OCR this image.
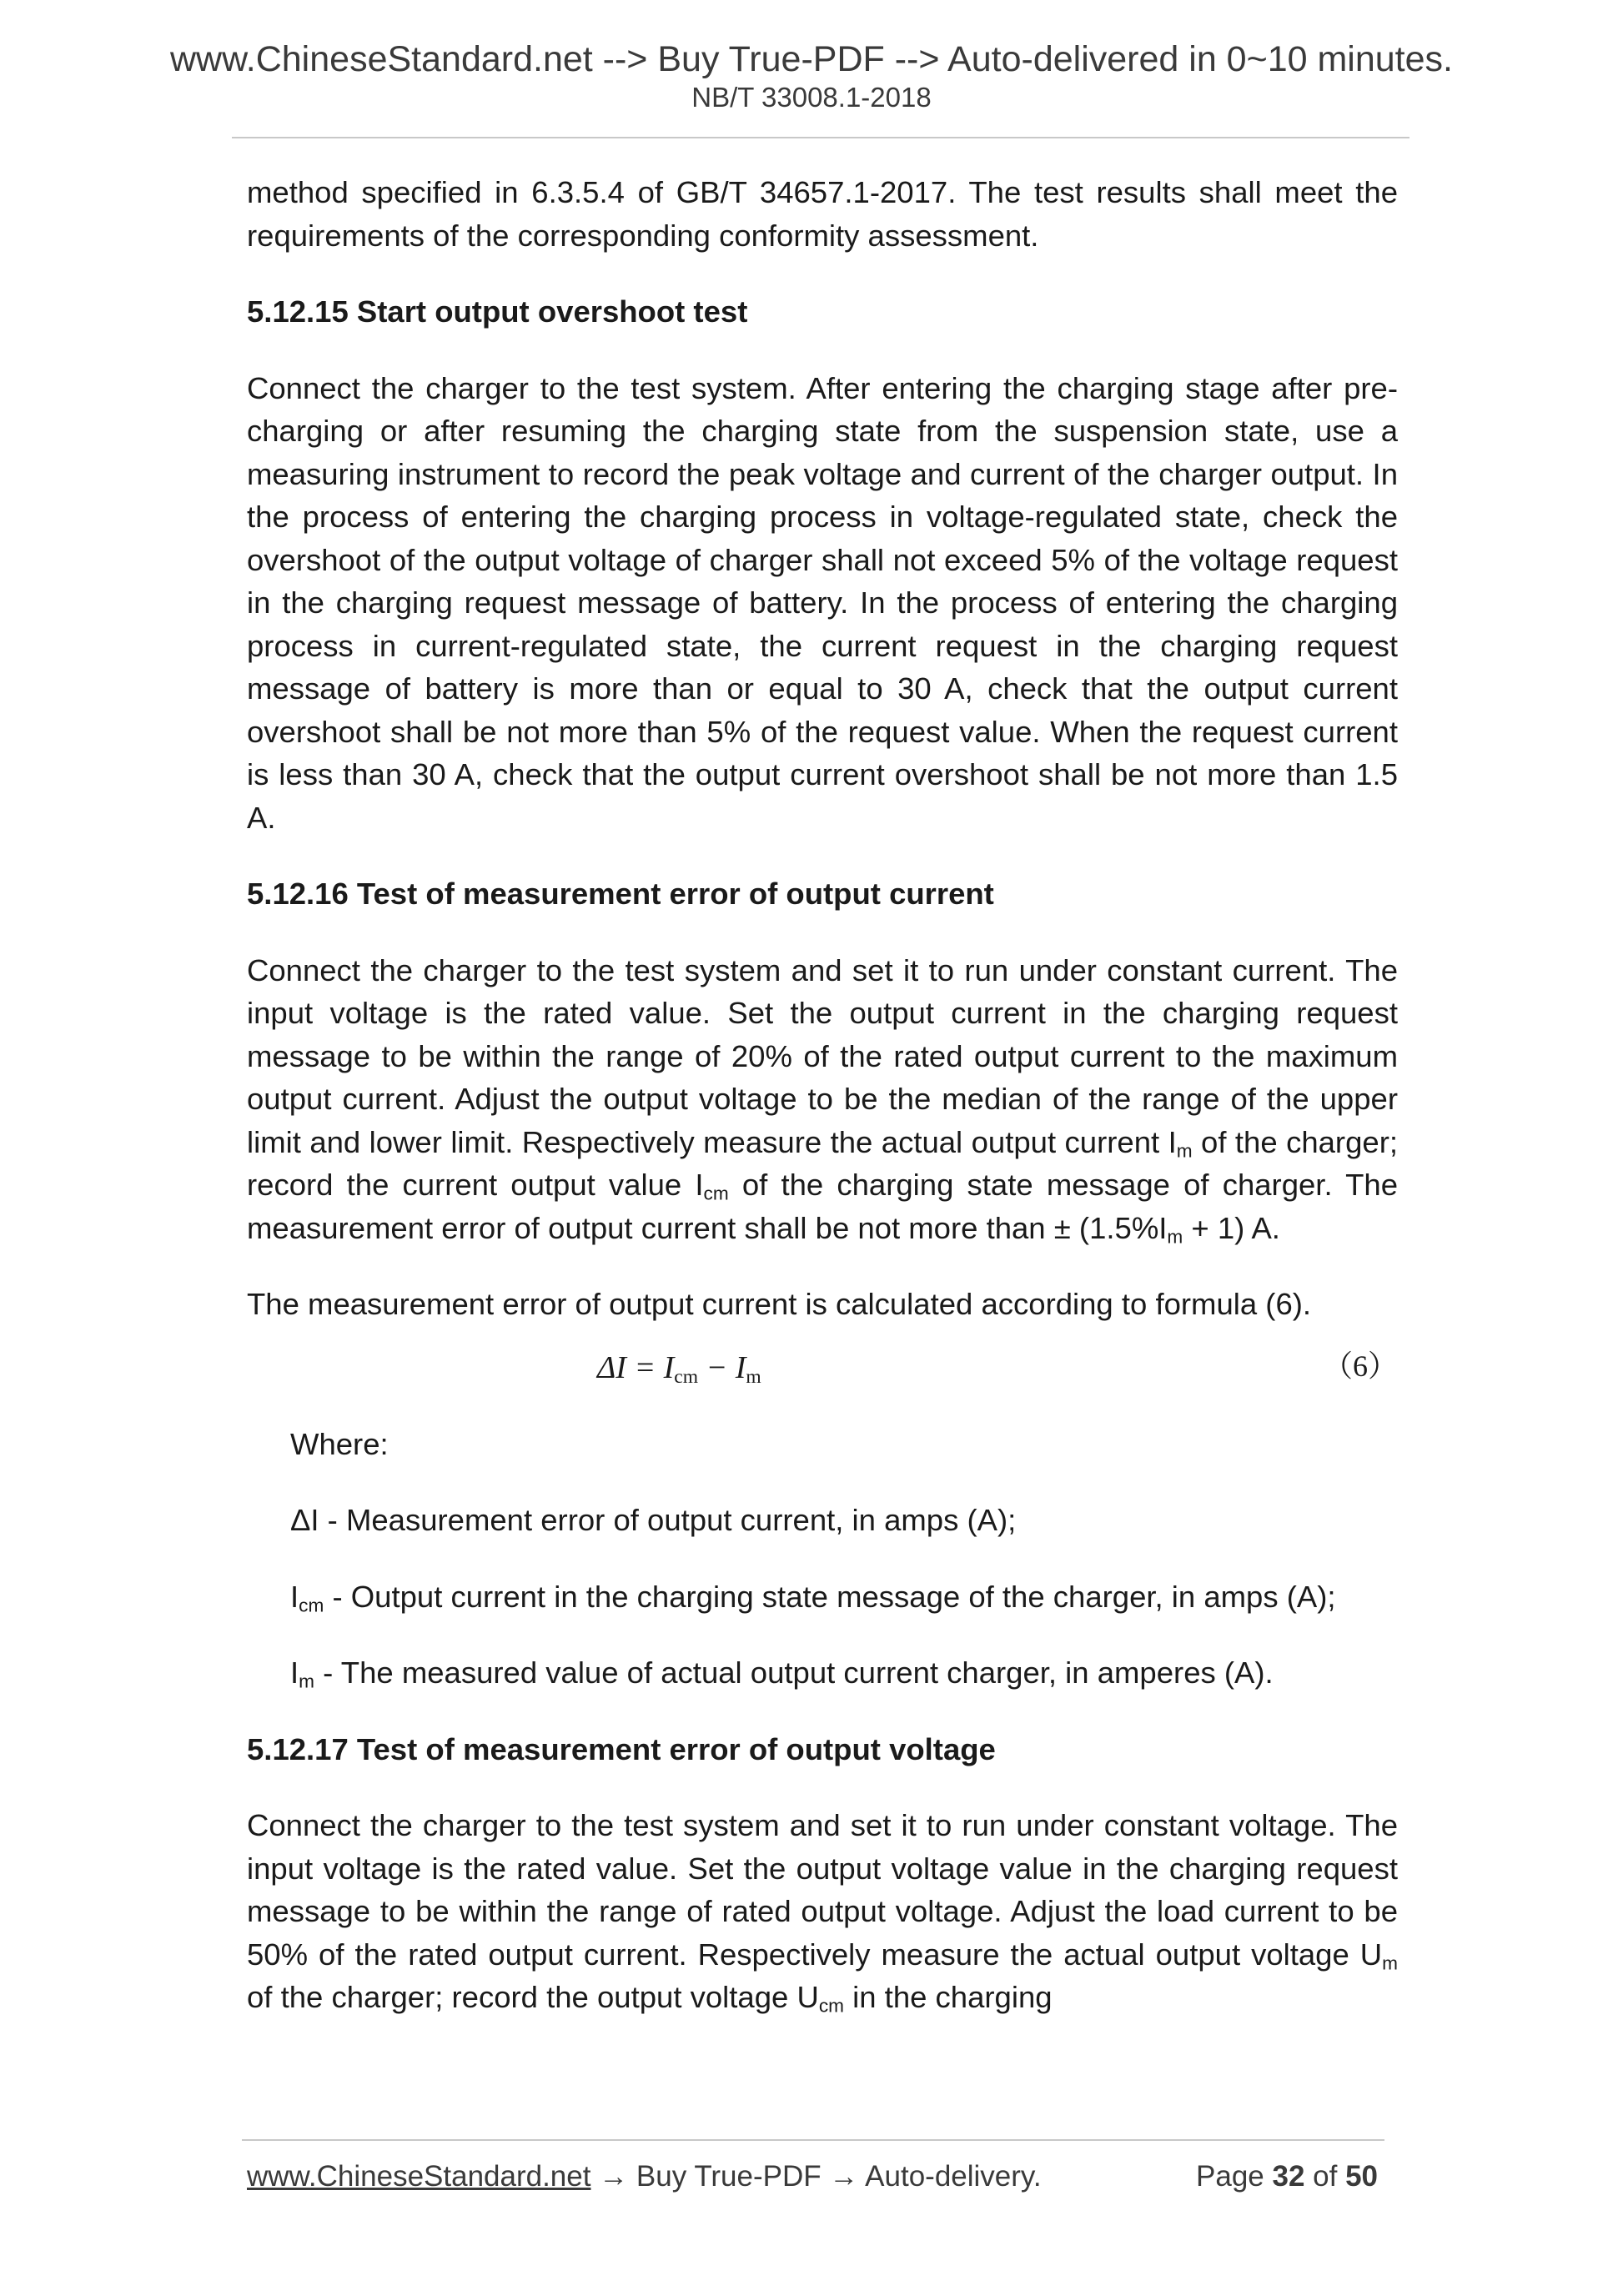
www.ChineseStandard.net --> Buy True-PDF --> Auto-delivered in 0~10 minutes.
NB/T 33008.1-2018

method specified in 6.3.5.4 of GB/T 34657.1-2017. The test results shall meet the requirements of the corresponding conformity assessment.

5.12.15 Start output overshoot test

Connect the charger to the test system. After entering the charging stage after pre-charging or after resuming the charging state from the suspension state, use a measuring instrument to record the peak voltage and current of the charger output. In the process of entering the charging process in voltage-regulated state, check the overshoot of the output voltage of charger shall not exceed 5% of the voltage request in the charging request message of battery. In the process of entering the charging process in current-regulated state, the current request in the charging request message of battery is more than or equal to 30 A, check that the output current overshoot shall be not more than 5% of the request value. When the request current is less than 30 A, check that the output current overshoot shall be not more than 1.5 A.

5.12.16 Test of measurement error of output current

Connect the charger to the test system and set it to run under constant current. The input voltage is the rated value. Set the output current in the charging request message to be within the range of 20% of the rated output current to the maximum output current. Adjust the output voltage to be the median of the range of the upper limit and lower limit. Respectively measure the actual output current $I_m$ of the charger; record the current output value $I_{cm}$ of the charging state message of charger. The measurement error of output current shall be not more than ± $(1.5\%I_m + 1)$ A.

The measurement error of output current is calculated according to formula (6).

$\Delta I = I_{cm} - I_m$	（6）

Where:

ΔI - Measurement error of output current, in amps (A);

$I_{cm}$ - Output current in the charging state message of the charger, in amps (A);

$I_m$ - The measured value of actual output current charger, in amperes (A).

5.12.17 Test of measurement error of output voltage

Connect the charger to the test system and set it to run under constant voltage. The input voltage is the rated value. Set the output voltage value in the charging request message to be within the range of rated output voltage. Adjust the load current to be 50% of the rated output current. Respectively measure the actual output voltage $U_m$ of the charger; record the output voltage $U_{cm}$ in the charging

www.ChineseStandard.net → Buy True-PDF → Auto-delivery.	Page 32 of 50
